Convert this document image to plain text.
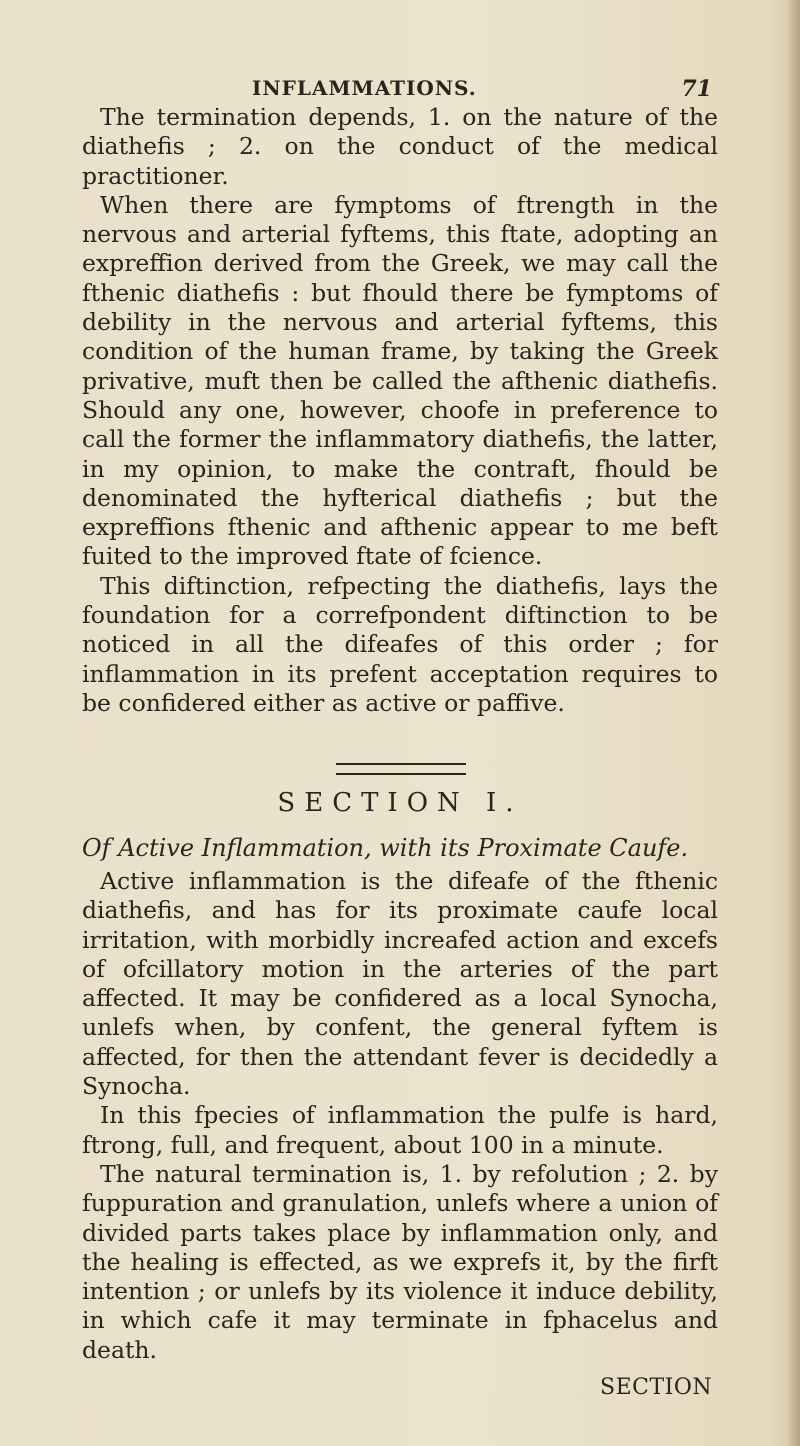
INFLAMMATIONS.	71

The termination depends, 1. on the nature of the diathefis ; 2. on the conduct of the medical practitioner.

When there are fymptoms of ftrength in the nervous and arterial fyftems, this ftate, adopting an expreffion derived from the Greek, we may call the fthenic diathefis : but fhould there be fymptoms of debility in the nervous and arterial fyftems, this condition of the human frame, by taking the Greek privative, muft then be called the afthenic diathefis. Should any one, however, choofe in preference to call the former the inflammatory diathefis, the latter, in my opinion, to make the contraft, fhould be denominated the hyfterical diathefis ; but the expreffions fthenic and afthenic appear to me beft fuited to the improved ftate of fcience.

This diftinction, refpecting the diathefis, lays the foundation for a correfpondent diftinction to be noticed in all the difeafes of this order ; for inflammation in its prefent acceptation requires to be confidered either as active or paffive.

SECTION I.
Of Active Inflammation, with its Proximate Caufe.

Active inflammation is the difeafe of the fthenic diathefis, and has for its proximate caufe local irritation, with morbidly increafed action and excefs of ofcillatory motion in the arteries of the part affected. It may be confidered as a local Synocha, unlefs when, by confent, the general fyftem is affected, for then the attendant fever is decidedly a Synocha.

In this fpecies of inflammation the pulfe is hard, ftrong, full, and frequent, about 100 in a minute.

The natural termination is, 1. by refolution ; 2. by fuppuration and granulation, unlefs where a union of divided parts takes place by inflammation only, and the healing is effected, as we exprefs it, by the firft intention ; or unlefs by its violence it induce debility, in which cafe it may terminate in fphacelus and death.

SECTION
